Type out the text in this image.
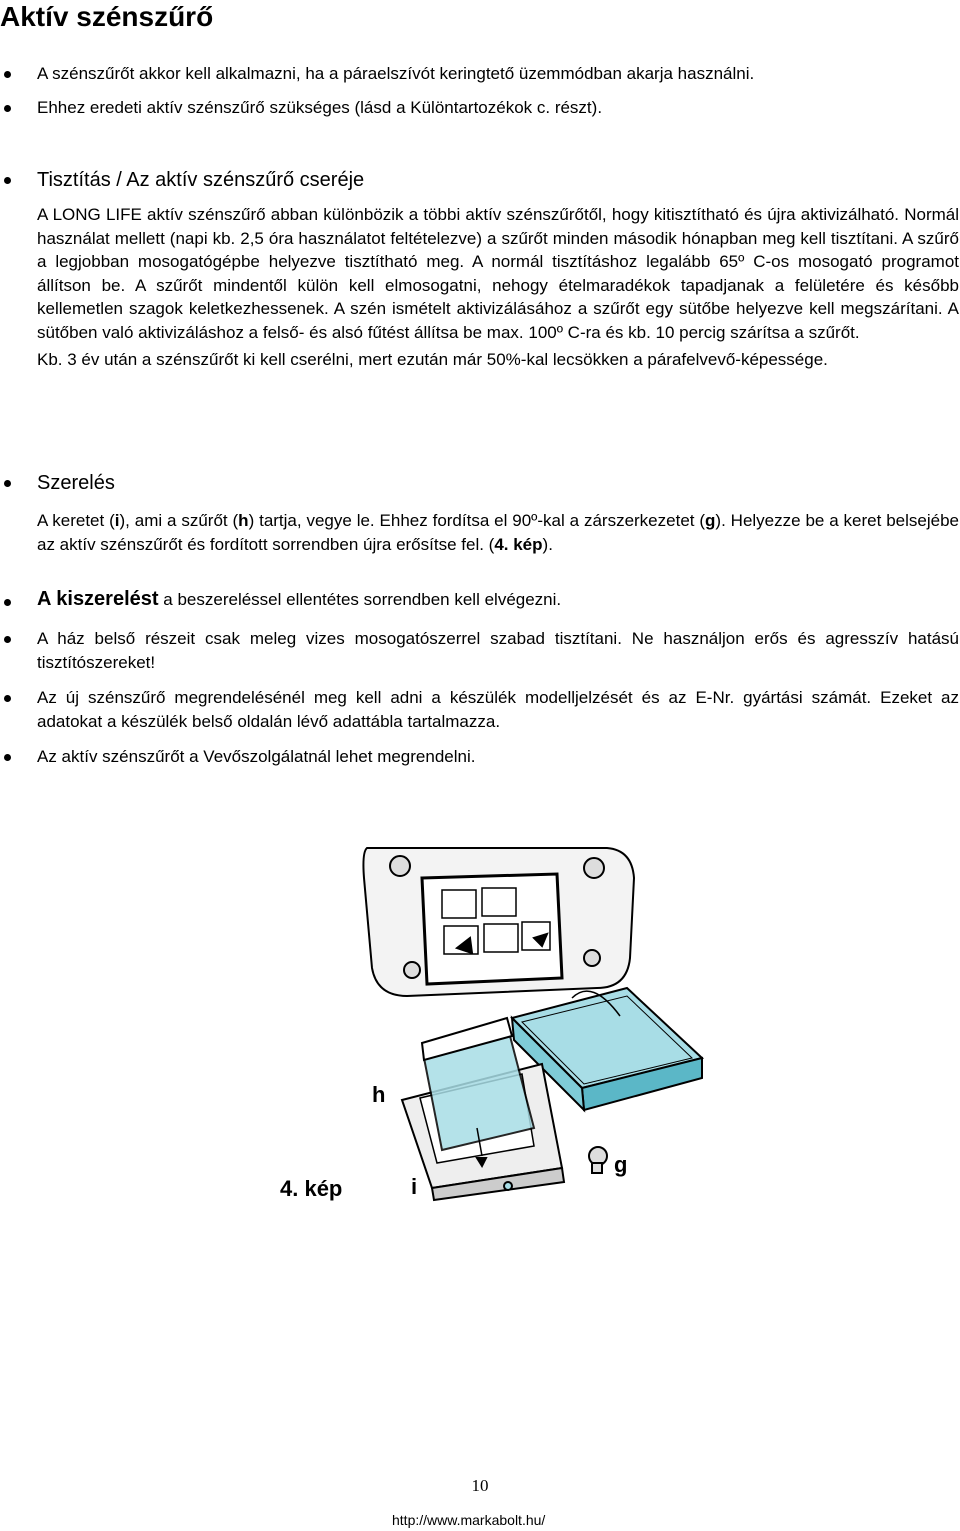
Aktív szénszűrő
A szénszűrőt akkor kell alkalmazni, ha a páraelszívót keringtető üzemmódban akarja használni.
Ehhez eredeti aktív szénszűrő szükséges (lásd a Különtartozékok c. részt).
Tisztítás / Az aktív szénszűrő cseréje

A LONG LIFE aktív szénszűrő abban különbözik a többi aktív szénszűrőtől, hogy kitisztítható és újra aktivizálható. Normál használat mellett (napi kb. 2,5 óra használatot feltételezve) a szűrőt minden második hónapban meg kell tisztítani. A szűrő a legjobban mosogatógépbe helyezve tisztítható meg. A normál tisztításhoz legalább 65º C-os mosogató programot állítson be. A szűrőt mindentől külön kell elmosogatni, nehogy ételmaradékok tapadjanak a felületére és később kellemetlen szagok keletkezhessenek. A szén ismételt aktivizálásához a szűrőt egy sütőbe helyezve kell megszárítani. A sütőben való aktivizáláshoz a felső- és alsó fűtést állítsa be max. 100º C-ra és kb. 10 percig szárítsa a szűrőt.

Kb. 3 év után a szénszűrőt ki kell cserélni, mert ezután már 50%-kal lecsökken a párafelvevő-képessége.

Szerelés

A keretet (i), ami a szűrőt (h) tartja, vegye le. Ehhez fordítsa el 90º-kal a zárszerkezetet (g). Helyezze be a keret belsejébe az aktív szénszűrőt és fordított sorrendben újra erősítse fel. (4. kép).

A kiszerelést a beszereléssel ellentétes sorrendben kell elvégezni.
A ház belső részeit csak meleg vizes mosogatószerrel szabad tisztítani. Ne használjon erős és agresszív hatású tisztítószereket!
Az új szénszűrő megrendelésénél meg kell adni a készülék modelljelzését és az E-Nr. gyártási számát. Ezeket az adatokat a készülék belső oldalán lévő adattábla tartalmazza.
Az aktív szénszűrőt a Vevőszolgálatnál lehet megrendelni.
h
i
g
4. kép
10
http://www.markabolt.hu/
